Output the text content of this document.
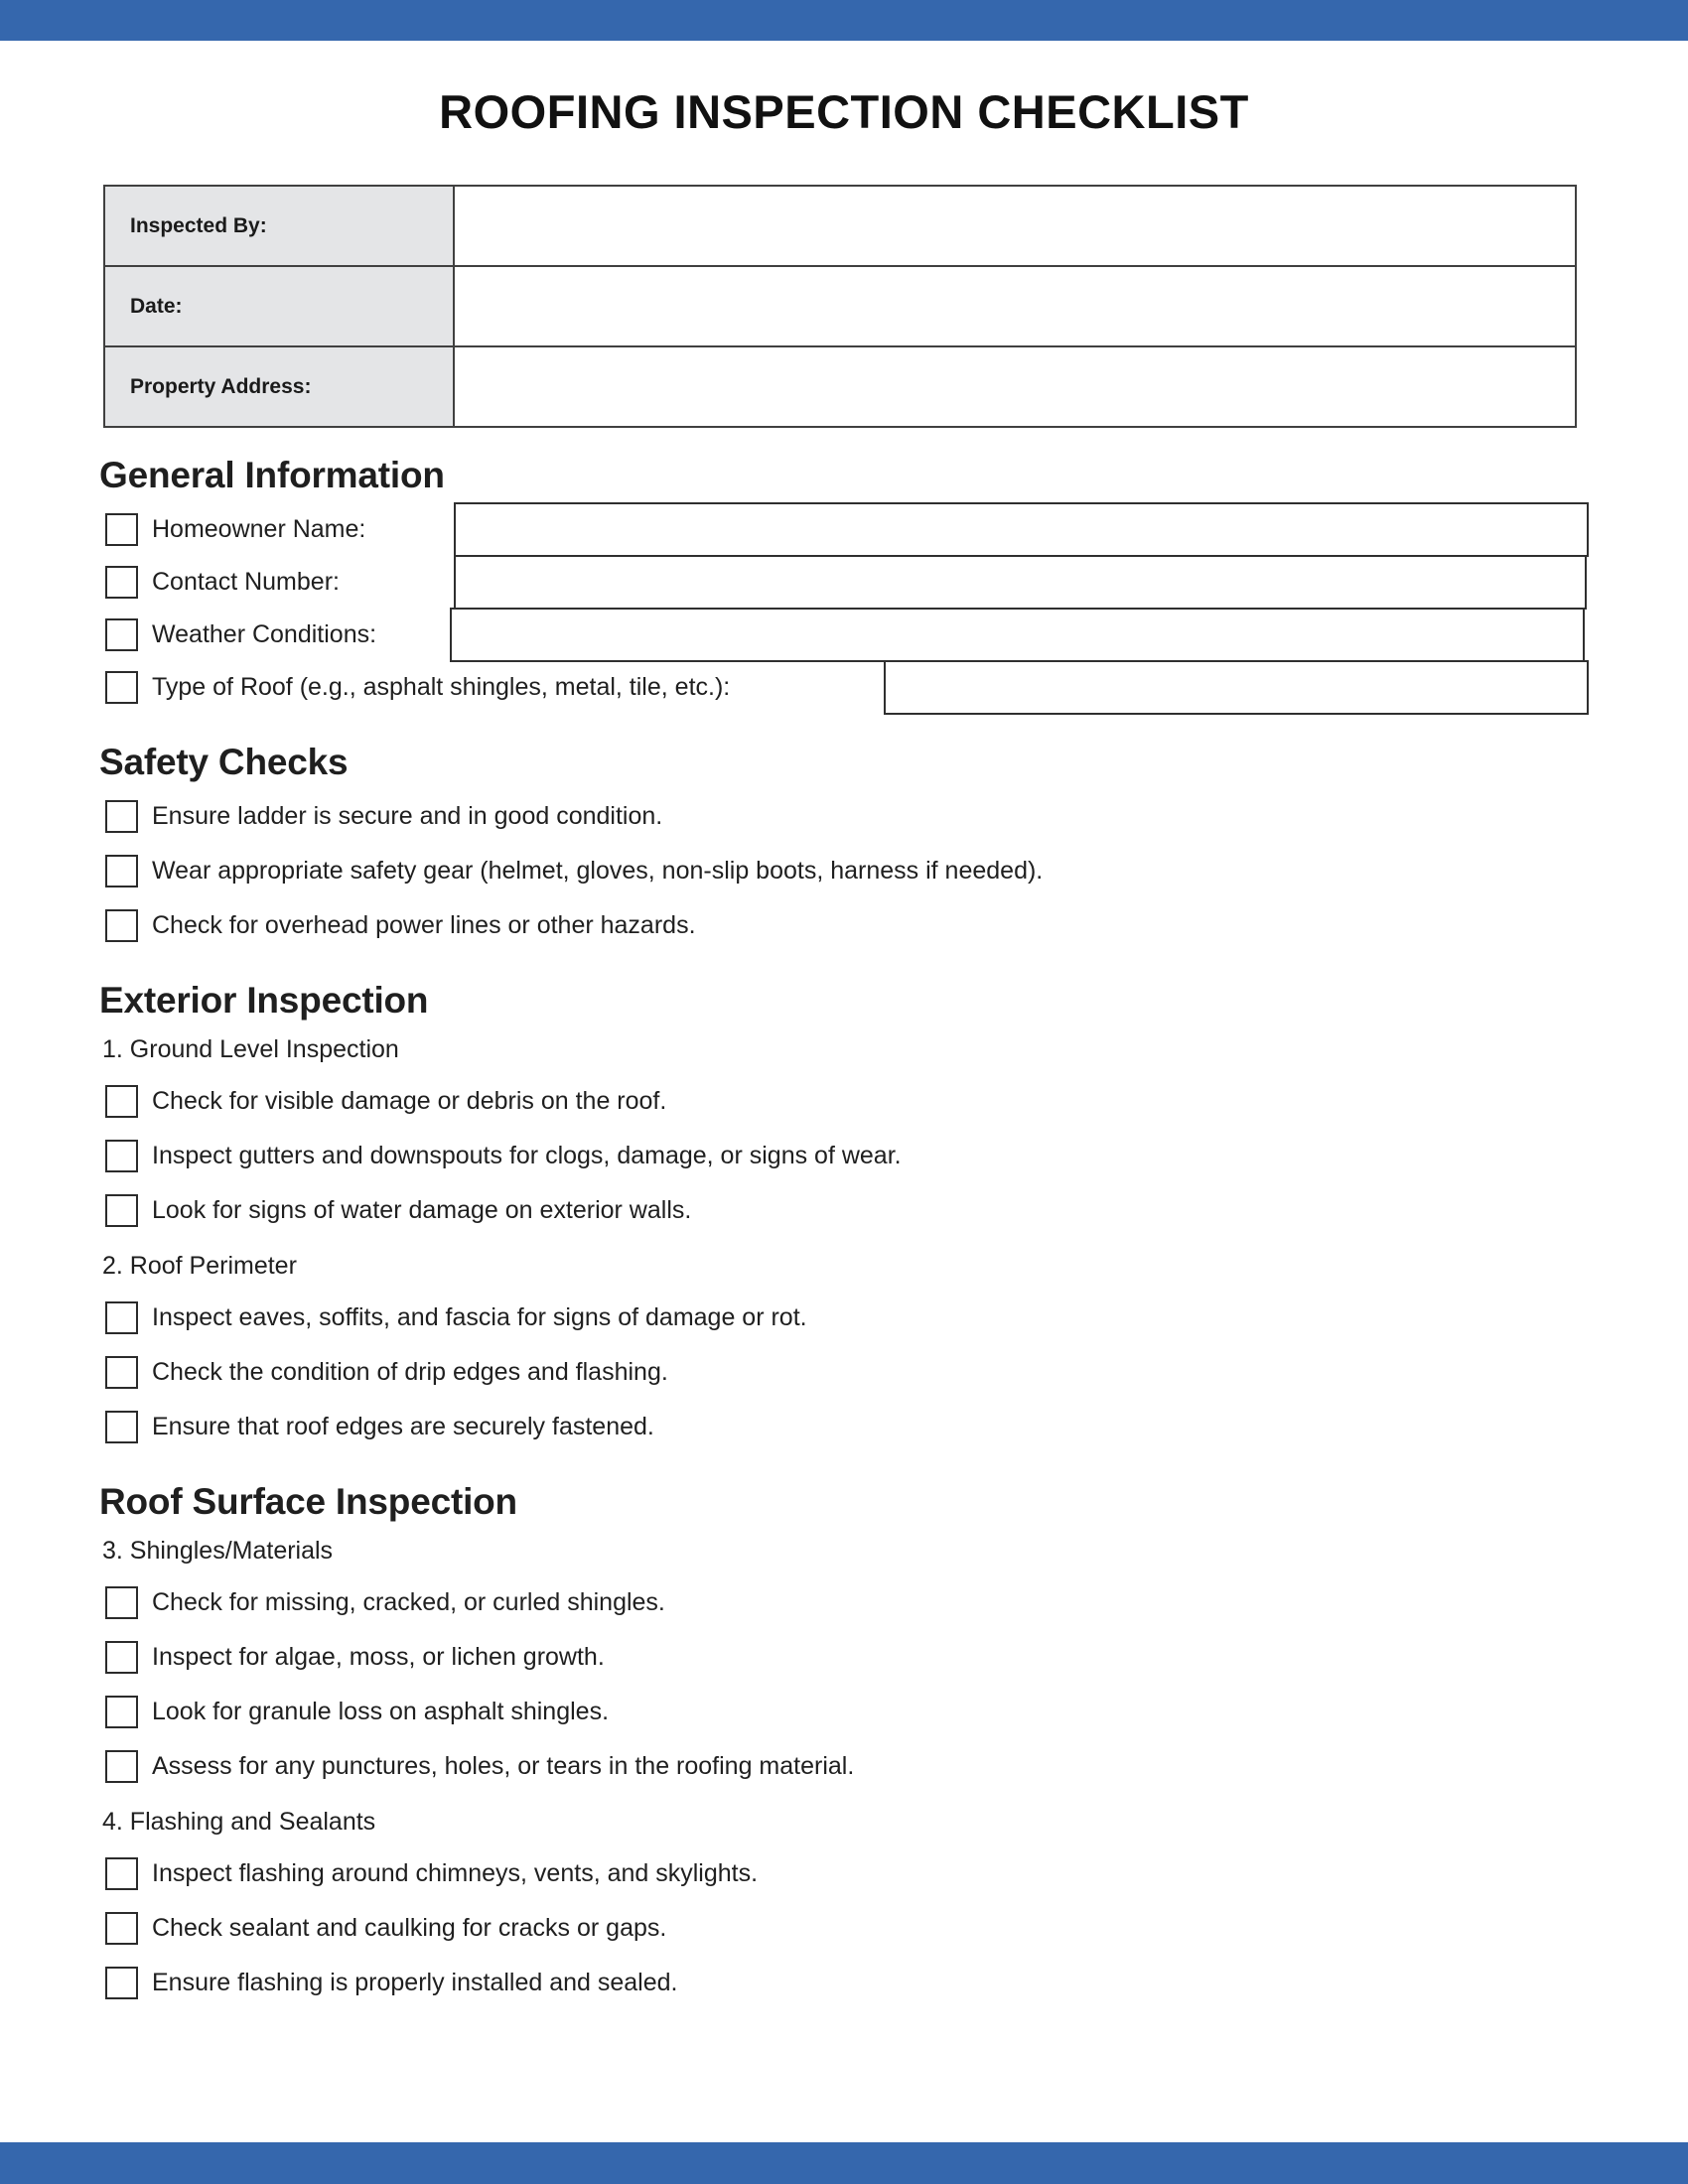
ROOFING INSPECTION CHECKLIST
Inspected By:	
Date:	
Property Address:	
General Information
Homeowner Name:
Contact Number:
Weather Conditions:
Type of Roof (e.g., asphalt shingles, metal, tile, etc.):
Safety Checks
Ensure ladder is secure and in good condition.
Wear appropriate safety gear (helmet, gloves, non-slip boots, harness if needed).
Check for overhead power lines or other hazards.
Exterior Inspection
1. Ground Level Inspection
Check for visible damage or debris on the roof.
Inspect gutters and downspouts for clogs, damage, or signs of wear.
Look for signs of water damage on exterior walls.
2. Roof Perimeter
Inspect eaves, soffits, and fascia for signs of damage or rot.
Check the condition of drip edges and flashing.
Ensure that roof edges are securely fastened.
Roof Surface Inspection
3. Shingles/Materials
Check for missing, cracked, or curled shingles.
Inspect for algae, moss, or lichen growth.
Look for granule loss on asphalt shingles.
Assess for any punctures, holes, or tears in the roofing material.
4. Flashing and Sealants
Inspect flashing around chimneys, vents, and skylights.
Check sealant and caulking for cracks or gaps.
Ensure flashing is properly installed and sealed.
